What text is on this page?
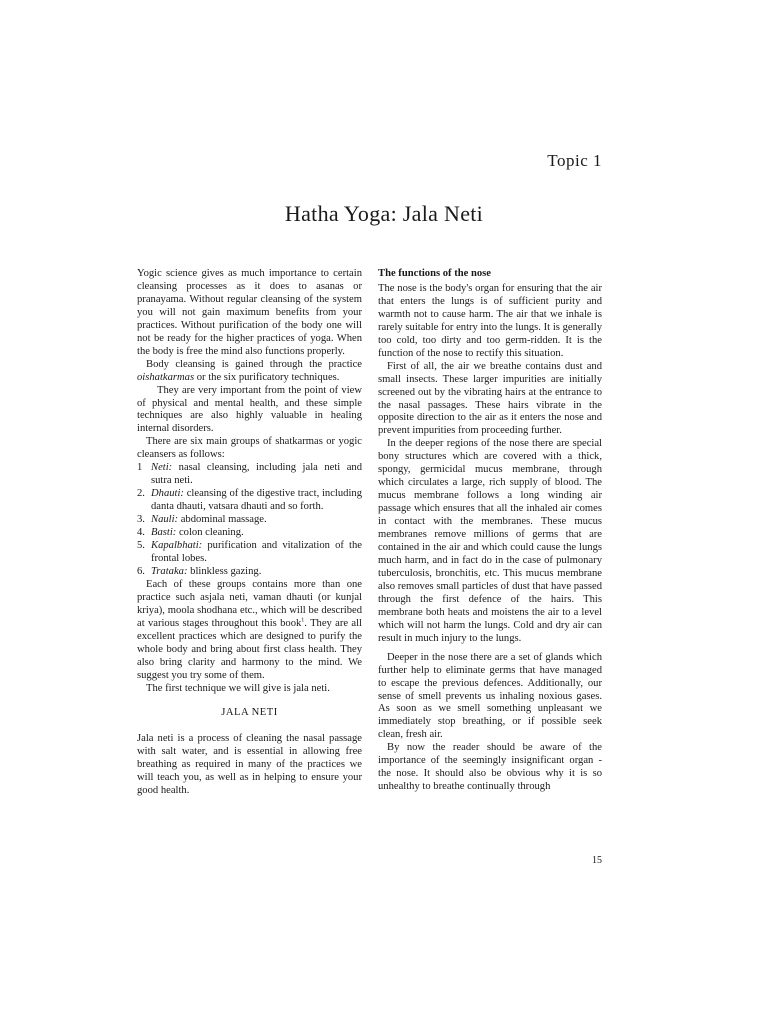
Topic 1
Hatha Yoga: Jala Neti

Yogic science gives as much importance to certain cleansing processes as it does to asanas or pranayama. Without regular cleansing of the system you will not gain maximum benefits from your practices. Without purification of the body one will not be ready for the higher practices of yoga. When the body is free the mind also functions properly.

Body cleansing is gained through the practice oishatkarmas or the six purificatory techniques.

They are very important from the point of view of physical and mental health, and these simple techniques are also highly valuable in healing internal disorders.

There are six main groups of shatkarmas or yogic cleansers as follows:

1 Neti: nasal cleansing, including jala neti and sutra neti.
2. Dhauti: cleansing of the digestive tract, including danta dhauti, vatsara dhauti and so forth.
3. Nauli: abdominal massage.
4. Basti: colon cleaning.
5. Kapalbhati: purification and vitalization of the frontal lobes.
6. Trataka: blinkless gazing.

Each of these groups contains more than one practice such asjala neti, vaman dhauti (or kunjal kriya), moola shodhana etc., which will be described at various stages throughout this book$^1$. They are all excellent practices which are designed to purify the whole body and bring about first class health. They also bring clarity and harmony to the mind. We suggest you try some of them.

The first technique we will give is jala neti.

JALA NETI

Jala neti is a process of cleaning the nasal passage with salt water, and is essential in allowing free breathing as required in many of the practices we will teach you, as well as in helping to ensure your good health.

The functions of the nose

The nose is the body's organ for ensuring that the air that enters the lungs is of sufficient purity and warmth not to cause harm. The air that we inhale is rarely suitable for entry into the lungs. It is generally too cold, too dirty and too germ-ridden. It is the function of the nose to rectify this situation.

First of all, the air we breathe contains dust and small insects. These larger impurities are initially screened out by the vibrating hairs at the entrance to the nasal passages. These hairs vibrate in the opposite direction to the air as it enters the nose and prevent impurities from proceeding further.

In the deeper regions of the nose there are special bony structures which are covered with a thick, spongy, germicidal mucus membrane, through which circulates a large, rich supply of blood. The mucus membrane follows a long winding air passage which ensures that all the inhaled air comes in contact with the membranes. These mucus membranes remove millions of germs that are contained in the air and which could cause the lungs much harm, and in fact do in the case of pulmonary tuberculosis, bronchitis, etc. This mucus membrane also removes small particles of dust that have passed through the first defence of the hairs. This membrane both heats and moistens the air to a level which will not harm the lungs. Cold and dry air can result in much injury to the lungs.

Deeper in the nose there are a set of glands which further help to eliminate germs that have managed to escape the previous defences. Additionally, our sense of smell prevents us inhaling noxious gases. As soon as we smell something unpleasant we immediately stop breathing, or if possible seek clean, fresh air.

By now the reader should be aware of the importance of the seemingly insignificant organ - the nose. It should also be obvious why it is so unhealthy to breathe continually through

15
